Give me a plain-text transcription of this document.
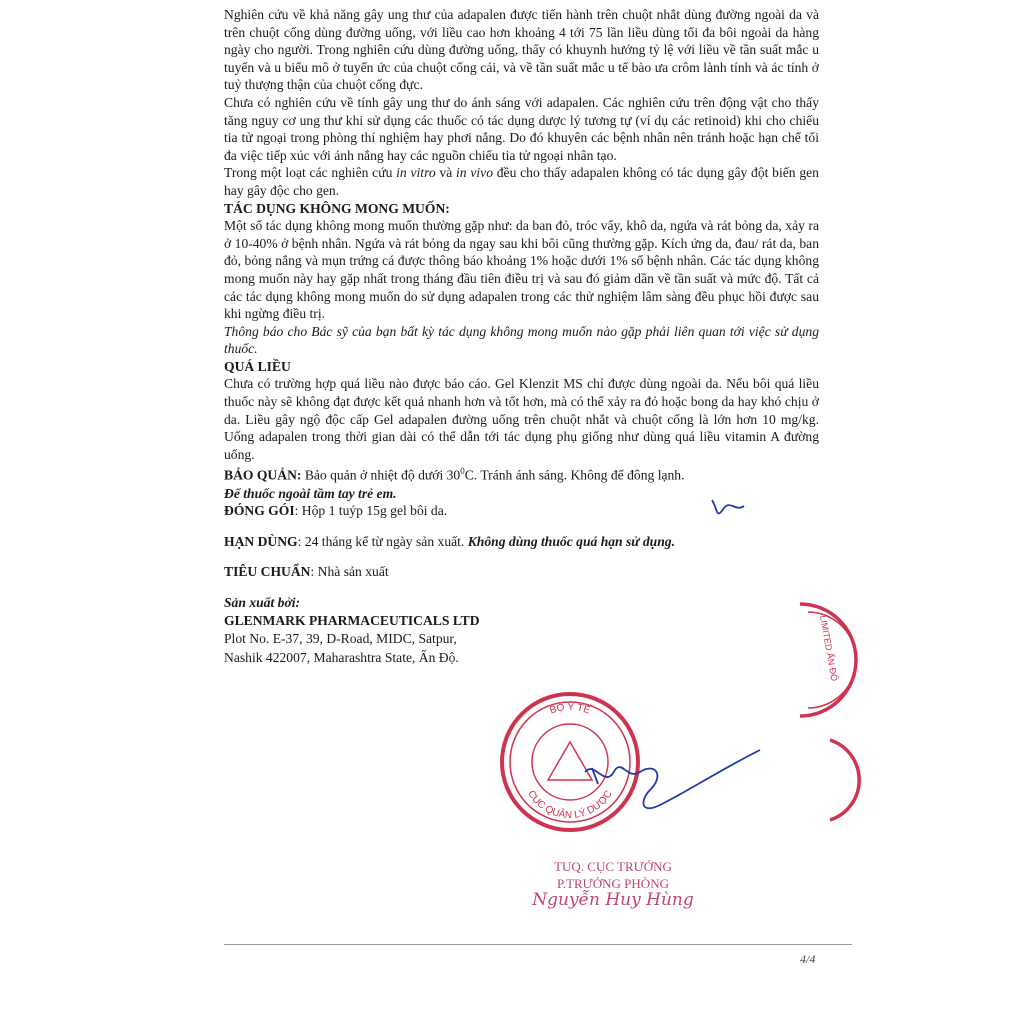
Nghiên cứu về khả năng gây ung thư của adapalen được tiến hành trên chuột nhắt dùng đường ngoài da và trên chuột cống dùng đường uống, với liều cao hơn khoảng 4 tới 75 lần liều dùng tối đa bôi ngoài da hàng ngày cho người. Trong nghiên cứu dùng đường uống, thấy có khuynh hướng tỷ lệ với liều về tần suất mắc u tuyến và u biểu mô ở tuyến ức của chuột cống cái, và về tần suất mắc u tế bào ưa crôm lành tính và ác tính ở tuỷ thượng thận của chuột cống đực.

Chưa có nghiên cứu về tính gây ung thư do ánh sáng với adapalen. Các nghiên cứu trên động vật cho thấy tăng nguy cơ ung thư khi sử dụng các thuốc có tác dụng dược lý tương tự (ví dụ các retinoid) khi cho chiếu tia tử ngoại trong phòng thí nghiệm hay phơi nắng. Do đó khuyên các bệnh nhân nên tránh hoặc hạn chế tối đa việc tiếp xúc với ánh nắng hay các nguồn chiếu tia tử ngoại nhân tạo.

Trong một loạt các nghiên cứu in vitro và in vivo đều cho thấy adapalen không có tác dụng gây đột biến gen hay gây độc cho gen.

TÁC DỤNG KHÔNG MONG MUỐN:

Một số tác dụng không mong muốn thường gặp như: da ban đỏ, tróc vẩy, khô da, ngứa và rát bỏng da, xảy ra ở 10-40% ở bệnh nhân. Ngứa và rát bỏng da ngay sau khi bôi cũng thường gặp. Kích ứng da, đau/ rát da, ban đỏ, bỏng nắng và mụn trứng cá được thông báo khoảng 1% hoặc dưới 1% số bệnh nhân. Các tác dụng không mong muốn này hay gặp nhất trong tháng đầu tiên điều trị và sau đó giảm dần về tần suất và mức độ. Tất cả các tác dụng không mong muốn do sử dụng adapalen trong các thử nghiệm lâm sàng đều phục hồi được sau khi ngừng điều trị.

Thông báo cho Bác sỹ của bạn bất kỳ tác dụng không mong muốn nào gặp phải liên quan tới việc sử dụng thuốc.

QUÁ LIỀU

Chưa có trường hợp quá liều nào được báo cáo. Gel Klenzit MS chỉ được dùng ngoài da. Nếu bôi quá liều thuốc này sẽ không đạt được kết quả nhanh hơn và tốt hơn, mà có thể xảy ra đỏ hoặc bong da hay khó chịu ở da. Liều gây ngộ độc cấp Gel adapalen đường uống trên chuột nhắt và chuột cống là lớn hơn 10 mg/kg. Uống adapalen trong thời gian dài có thể dẫn tới tác dụng phụ giống như dùng quá liều vitamin A đường uống.

BẢO QUẢN: Bảo quản ở nhiệt độ dưới $30^0C$. Tránh ánh sáng. Không để đông lạnh.

Để thuốc ngoài tầm tay trẻ em.

ĐÓNG GÓI: Hộp 1 tuýp 15g gel bôi da.

HẠN DÙNG: 24 tháng kể từ ngày sản xuất. Không dùng thuốc quá hạn sử dụng.

TIÊU CHUẨN: Nhà sản xuất

Sản xuất bởi:

GLENMARK PHARMACEUTICALS LTD

Plot No. E-37, 39, D-Road, MIDC, Satpur,

Nashik 422007, Maharashtra State, Ấn Độ.

BỘ Y TẾ
CỤC QUẢN LÝ DƯỢC
LIMITED ẤN ĐỘ
TUQ. CỤC TRƯỞNG
P.TRƯỞNG PHÒNG
Nguyễn Huy Hùng
4/4
